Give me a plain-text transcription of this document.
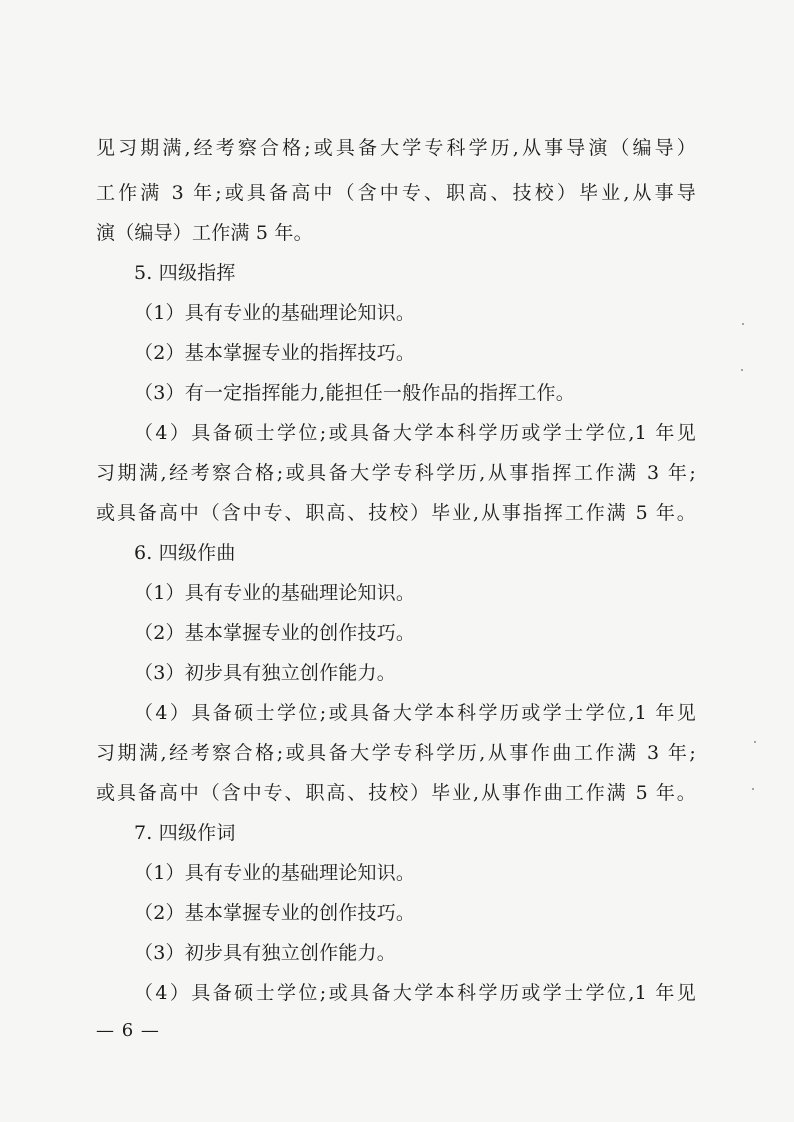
见习期满,经考察合格;或具备大学专科学历,从事导演（编导）
工作满 3 年;或具备高中（含中专、职高、技校）毕业,从事导
演（编导）工作满 5 年。
5. 四级指挥
（1）具有专业的基础理论知识。
（2）基本掌握专业的指挥技巧。
（3）有一定指挥能力,能担任一般作品的指挥工作。
（4）具备硕士学位;或具备大学本科学历或学士学位,1 年见
习期满,经考察合格;或具备大学专科学历,从事指挥工作满 3 年;
或具备高中（含中专、职高、技校）毕业,从事指挥工作满 5 年。
6. 四级作曲
（1）具有专业的基础理论知识。
（2）基本掌握专业的创作技巧。
（3）初步具有独立创作能力。
（4）具备硕士学位;或具备大学本科学历或学士学位,1 年见
习期满,经考察合格;或具备大学专科学历,从事作曲工作满 3 年;
或具备高中（含中专、职高、技校）毕业,从事作曲工作满 5 年。
7. 四级作词
（1）具有专业的基础理论知识。
（2）基本掌握专业的创作技巧。
（3）初步具有独立创作能力。
（4）具备硕士学位;或具备大学本科学历或学士学位,1 年见
— 6 —
